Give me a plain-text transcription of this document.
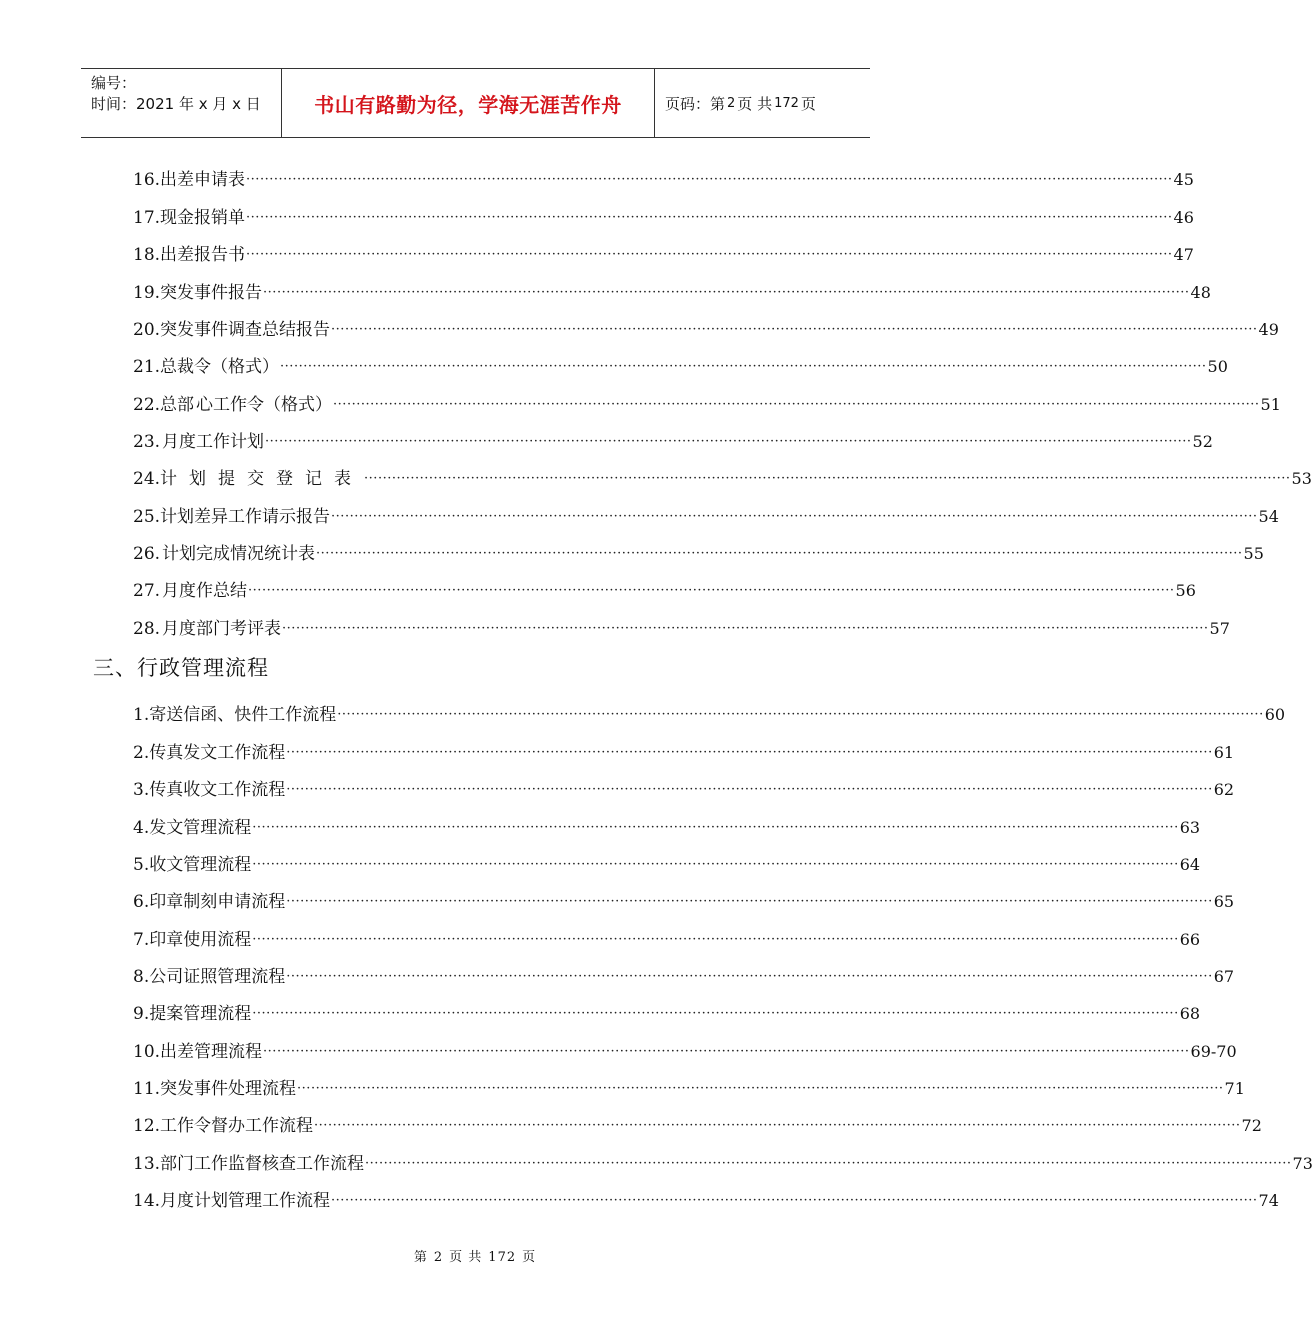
编号：
时间：2021 年 x 月 x 日	书山有路勤为径，学海无涯苦作舟	页码：第 2 页 共 172 页
16. 出差申请表 ········································································································································································································ 45
17. 现金报销单 ········································································································································································································ 46
18. 出差报告书 ········································································································································································································ 47
19. 突发事件报告 ········································································································································································································ 48
20. 突发事件调查总结报告 ········································································································································································································ 49
21. 总裁令（格式） ········································································································································································································ 50
22. 总部 心工作令（格式） ········································································································································································································ 51
23. 月度工作计划 ········································································································································································································ 52
24. 计划提交登记表 ········································································································································································································ 53
25. 计划差异工作请示报告 ········································································································································································································ 54
26. 计划完成情况统计表 ········································································································································································································ 55
27. 月度作总结 ········································································································································································································ 56
28. 月度部门考评表 ········································································································································································································ 57
三、行政管理流程
1. 寄送信函、快件工作流程 ········································································································································································································ 60
2. 传真发文工作流程 ········································································································································································································ 61
3. 传真收文工作流程 ········································································································································································································ 62
4. 发文管理流程 ········································································································································································································ 63
5. 收文管理流程 ········································································································································································································ 64
6. 印章制刻申请流程 ········································································································································································································ 65
7. 印章使用流程 ········································································································································································································ 66
8. 公司证照管理流程 ········································································································································································································ 67
9. 提案管理流程 ········································································································································································································ 68
10. 出差管理流程 ········································································································································································································ 69-70
11. 突发事件处理流程 ········································································································································································································ 71
12. 工作令督办工作流程 ········································································································································································································ 72
13. 部门工作监督核查工作流程 ········································································································································································································ 73
14. 月度计划管理工作流程 ········································································································································································································ 74
第 2 页 共 172 页
